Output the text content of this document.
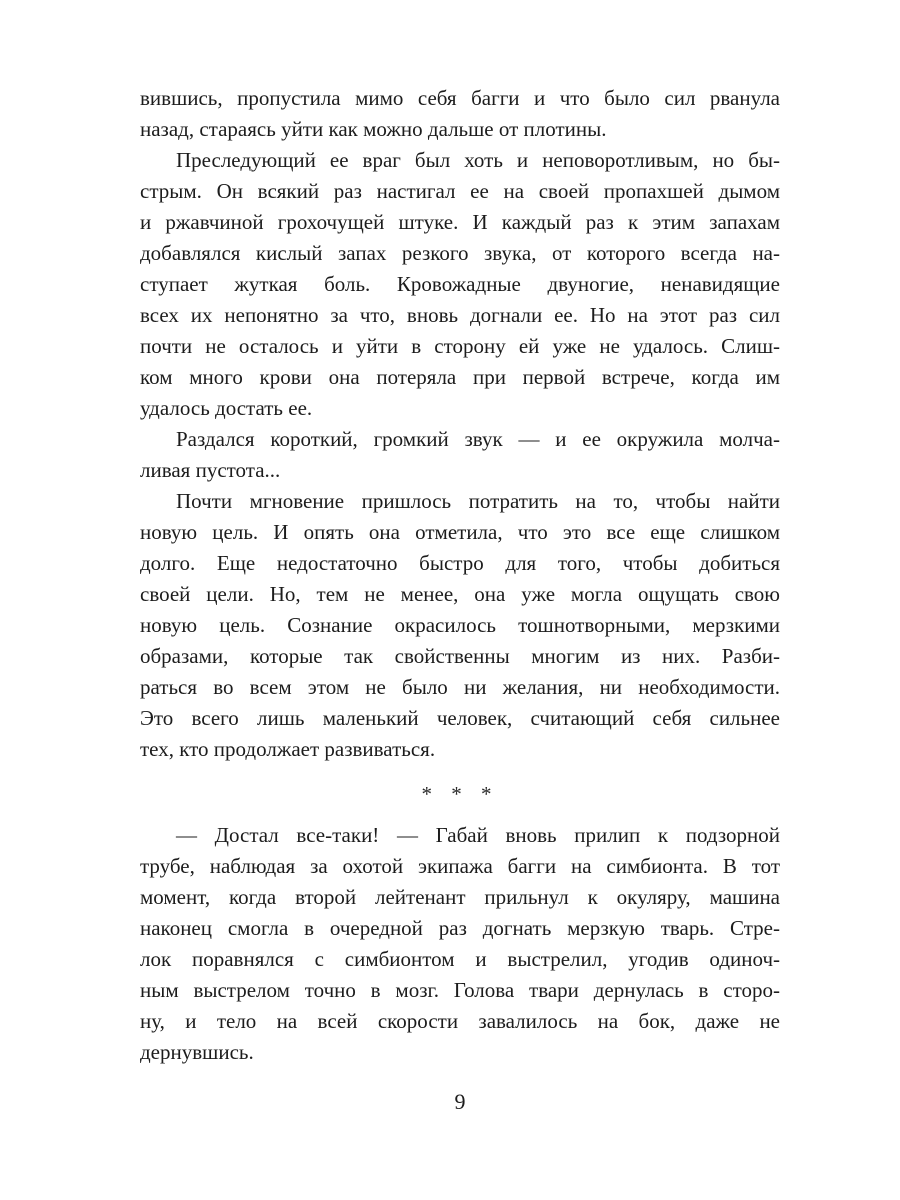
вившись, пропустила мимо себя багги и что было сил рванула
назад, стараясь уйти как можно дальше от плотины.
Преследующий ее враг был хоть и неповоротливым, но бы-
стрым. Он всякий раз настигал ее на своей пропахшей дымом
и ржавчиной грохочущей штуке. И каждый раз к этим запахам
добавлялся кислый запах резкого звука, от которого всегда на-
ступает жуткая боль. Кровожадные двуногие, ненавидящие
всех их непонятно за что, вновь догнали ее. Но на этот раз сил
почти не осталось и уйти в сторону ей уже не удалось. Слиш-
ком много крови она потеряла при первой встрече, когда им
удалось достать ее.
Раздался короткий, громкий звук — и ее окружила молча-
ливая пустота...
Почти мгновение пришлось потратить на то, чтобы найти
новую цель. И опять она отметила, что это все еще слишком
долго. Еще недостаточно быстро для того, чтобы добиться
своей цели. Но, тем не менее, она уже могла ощущать свою
новую цель. Сознание окрасилось тошнотворными, мерзкими
образами, которые так свойственны многим из них. Разби-
раться во всем этом не было ни желания, ни необходимости.
Это всего лишь маленький человек, считающий себя сильнее
тех, кто продолжает развиваться.
* * *
— Достал все-таки! — Габай вновь прилип к подзорной
трубе, наблюдая за охотой экипажа багги на симбионта. В тот
момент, когда второй лейтенант прильнул к окуляру, машина
наконец смогла в очередной раз догнать мерзкую тварь. Стре-
лок поравнялся с симбионтом и выстрелил, угодив одиноч-
ным выстрелом точно в мозг. Голова твари дернулась в сторо-
ну, и тело на всей скорости завалилось на бок, даже не
дернувшись.
9
